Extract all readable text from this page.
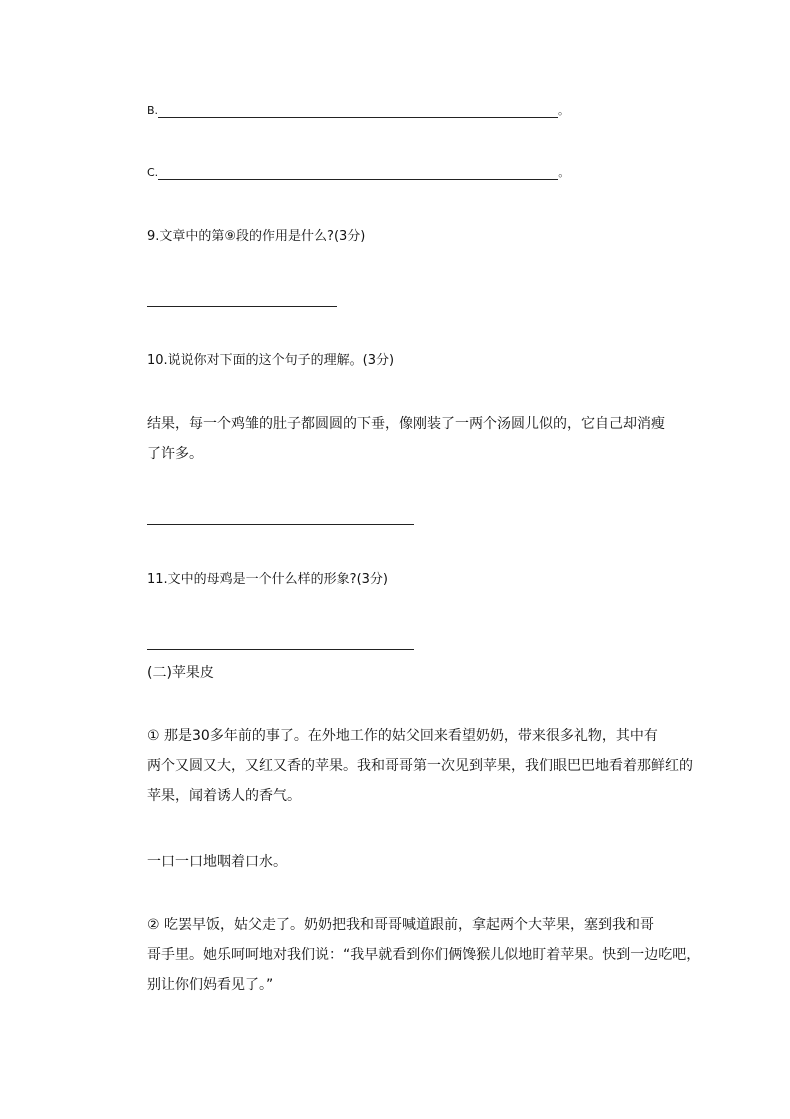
B.	。
C.	。
9.文章中的第⑨段的作用是什么?(3分)
10.说说你对下面的这个句子的理解。(3分)
结果，每一个鸡雏的肚子都圆圆的下垂，像刚装了一两个汤圆儿似的，它自己却消瘦
了许多。
11.文中的母鸡是一个什么样的形象?(3分)
(二)苹果皮
① 那是30多年前的事了。在外地工作的姑父回来看望奶奶，带来很多礼物，其中有
两个又圆又大，又红又香的苹果。我和哥哥第一次见到苹果，我们眼巴巴地看着那鲜红的
苹果，闻着诱人的香气。
一口一口地咽着口水。
② 吃罢早饭，姑父走了。奶奶把我和哥哥喊道跟前，拿起两个大苹果，塞到我和哥
哥手里。她乐呵呵地对我们说：“我早就看到你们俩馋猴儿似地盯着苹果。快到一边吃吧，
别让你们妈看见了。”
